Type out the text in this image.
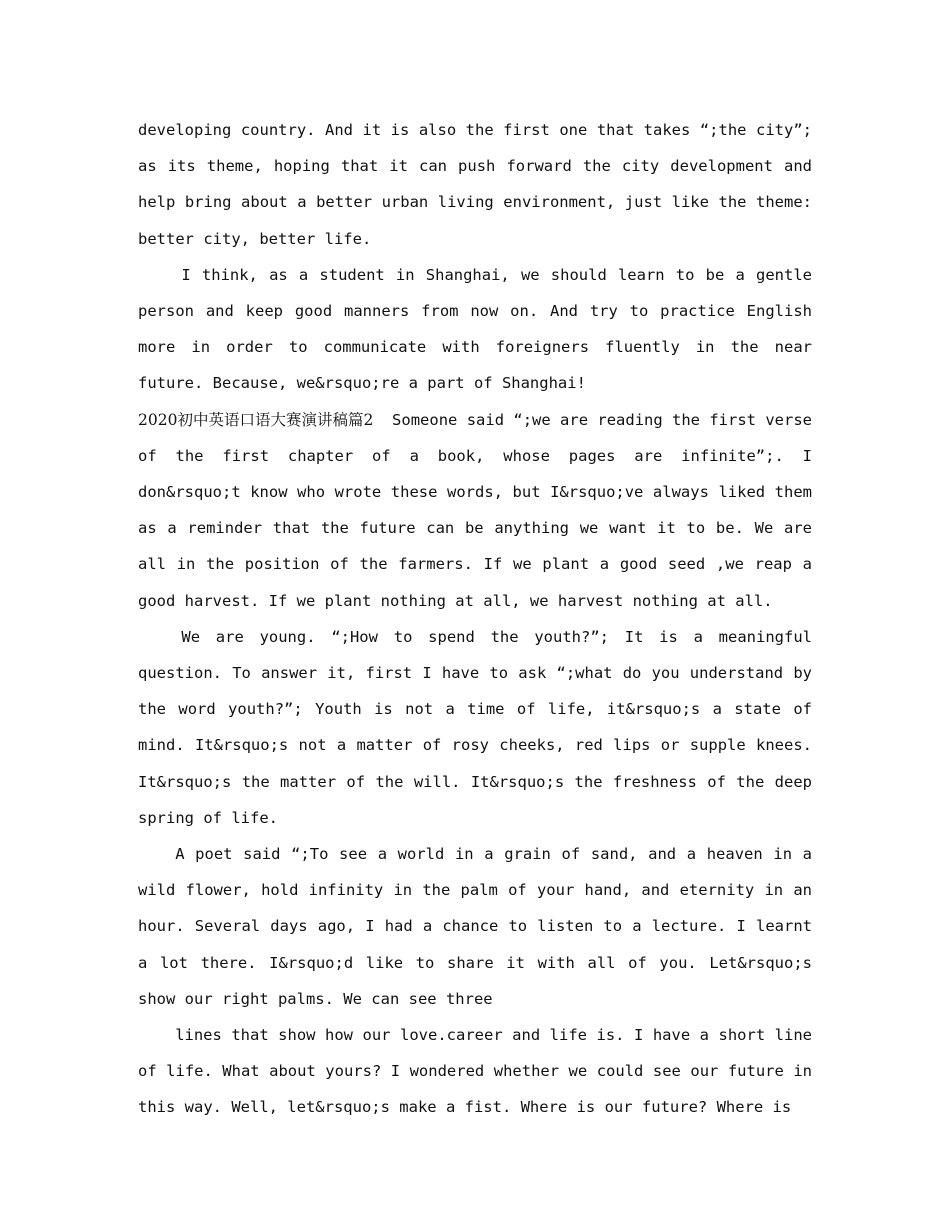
developing country. And it is also the first one that takes “;the city”; as its theme, hoping that it can push forward the city development and help bring about a better urban living environment, just like the theme: better city, better life.

I think, as a student in Shanghai, we should learn to be a gentle person and keep good manners from now on. And try to practice English more in order to communicate with foreigners fluently in the near future. Because, we&rsquo;re a part of Shanghai!

2020初中英语口语大赛演讲稿篇2   Someone said “;we are reading the first verse of the first chapter of a book, whose pages are infinite”;. I don&rsquo;t know who wrote these words, but I&rsquo;ve always liked them as a reminder that the future can be anything we want it to be. We are all in the position of the farmers. If we plant a good seed ,we reap a good harvest. If we plant nothing at all, we harvest nothing at all.

We are young. “;How to spend the youth?”; It is a meaningful question. To answer it, first I have to ask “;what do you understand by the word youth?”; Youth is not a time of life, it&rsquo;s a state of mind. It&rsquo;s not a matter of rosy cheeks, red lips or supple knees. It&rsquo;s the matter of the will. It&rsquo;s the freshness of the deep spring of life.

A poet said “;To see a world in a grain of sand, and a heaven in a wild flower, hold infinity in the palm of your hand, and eternity in an hour. Several days ago, I had a chance to listen to a lecture. I learnt a lot there. I&rsquo;d like to share it with all of you. Let&rsquo;s show our right palms. We can see three

lines that show how our love.career and life is. I have a short line of life. What about yours? I wondered whether we could see our future in this way. Well, let&rsquo;s make a fist. Where is our future? Where is
